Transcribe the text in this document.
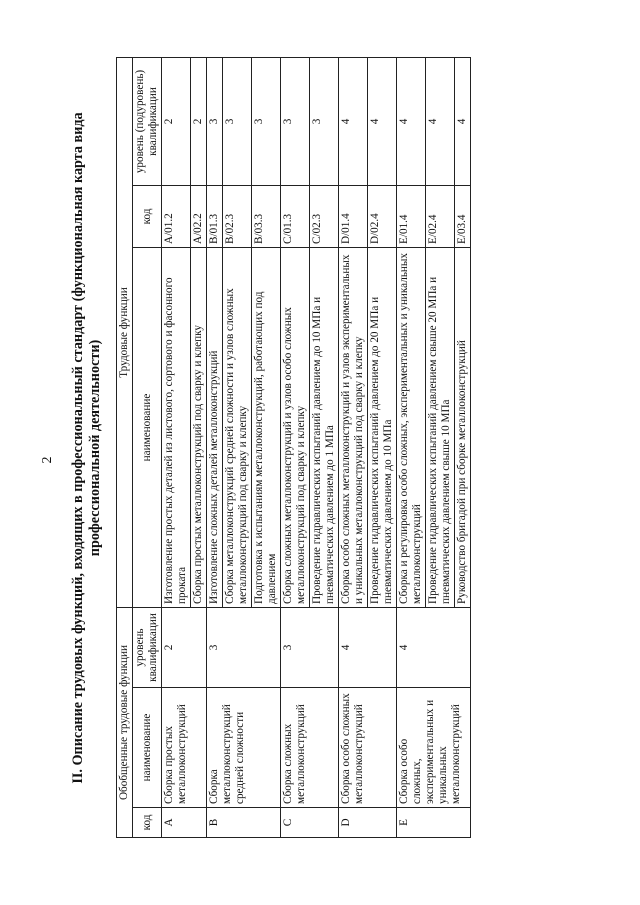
2 II. Описание трудовых функций, входящих в профессиональный стандарт (функциональная карта вида профессиональной деятельности)
Обобщенные трудовые функции			Трудовые функции		
код	наименование	уровень квалификации	наименование	код	уровень (подуровень) квалификации
A	Сборка простых металлоконструкций	2	Изготовление простых деталей из листового, сортового и фасонного проката	A/01.2	2
			Сборка простых металлоконструкций под сварку и клепку	A/02.2	2
B	Сборка металлоконструкций средней сложности	3	Изготовление сложных деталей металлоконструкций	B/01.3	3
			Сборка металлоконструкций средней сложности и узлов сложных металлоконструкций под сварку и клепку	B/02.3	3
			Подготовка к испытаниям металлоконструкций, работающих под давлением	B/03.3	3
C	Сборка сложных металлоконструкций	3	Сборка сложных металлоконструкций и узлов особо сложных металлоконструкций под сварку и клепку	C/01.3	3
			Проведение гидравлических испытаний давлением до 10 МПа и пневматических давлением до 1 МПа	C/02.3	3
D	Сборка особо сложных металлоконструкций	4	Сборка особо сложных металлоконструкций и узлов экспериментальных и уникальных металлоконструкций под сварку и клепку	D/01.4	4
			Проведение гидравлических испытаний давлением до 20 МПа и пневматических давлением до 10 МПа	D/02.4	4
E	Сборка особо сложных, экспериментальных и уникальных металлоконструкций	4	Сборка и регулировка особо сложных, экспериментальных и уникальных металлоконструкций	E/01.4	4
			Проведение гидравлических испытаний давлением свыше 20 МПа и пневматических давлением свыше 10 МПа	E/02.4	4
			Руководство бригадой при сборке металлоконструкций	E/03.4	4
